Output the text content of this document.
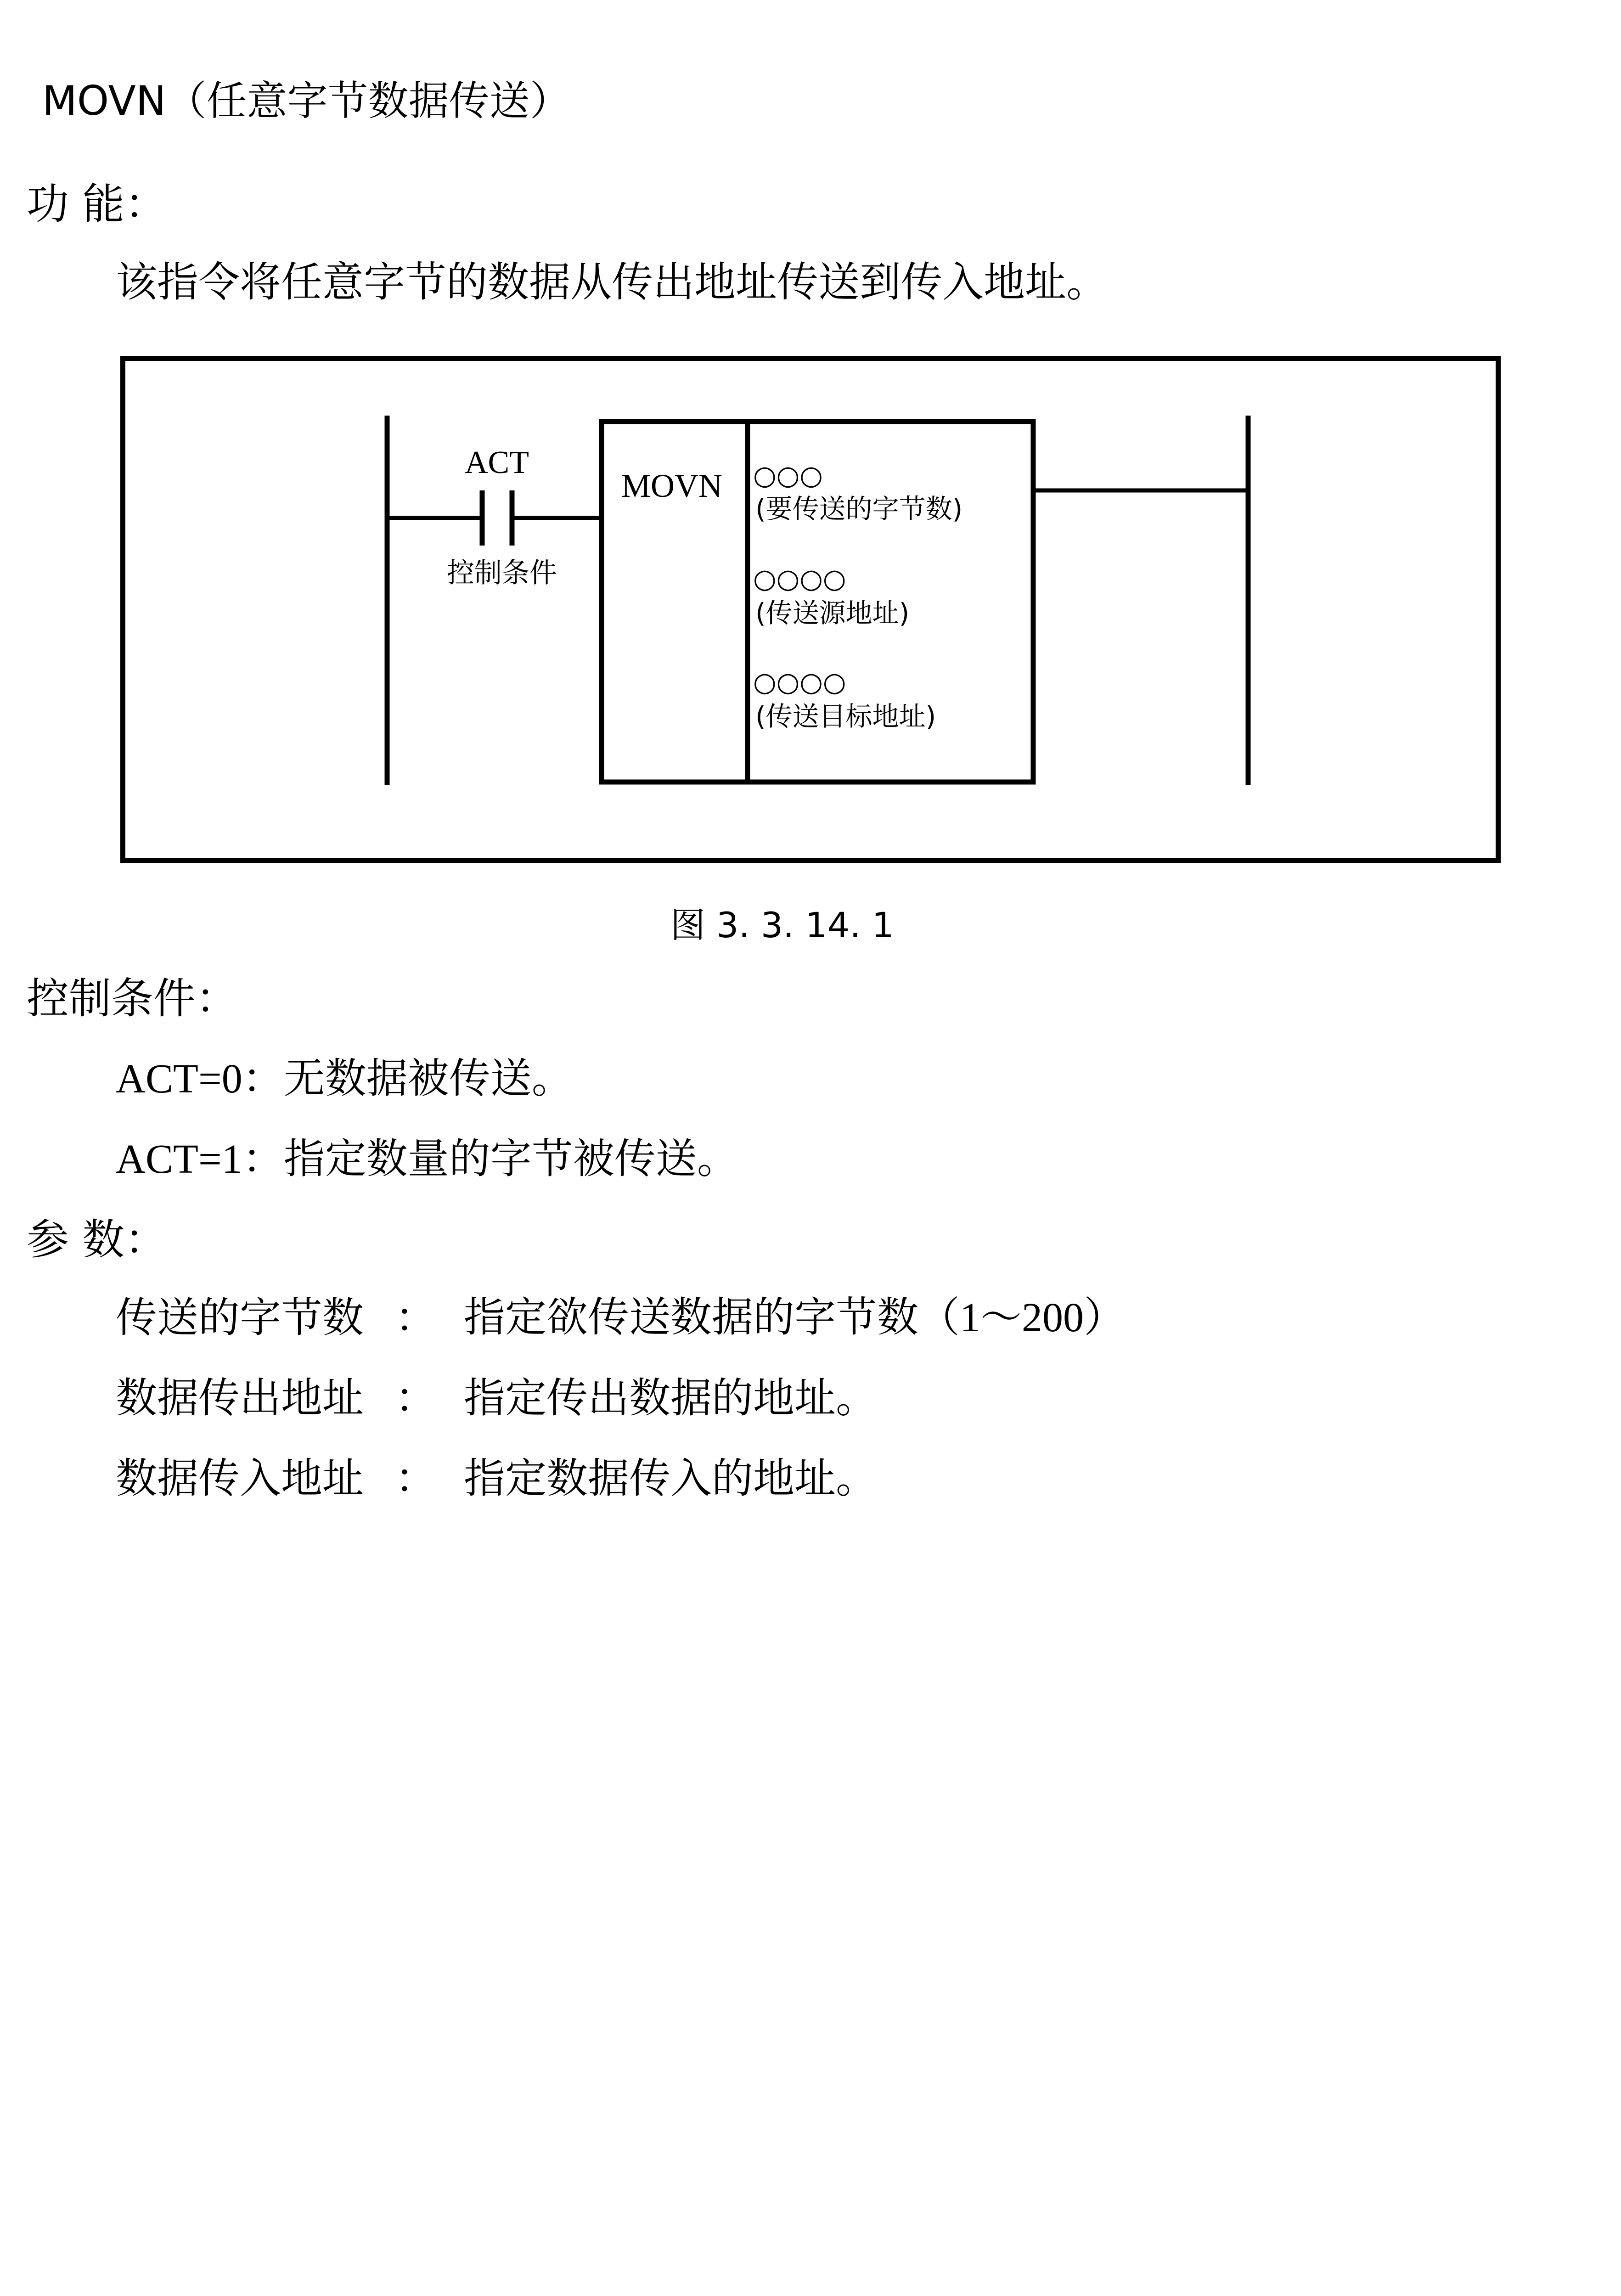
MOVN（任意字节数据传送）
功 能：
该指令将任意字节的数据从传出地址传送到传入地址。
ACT
控制条件
MOVN ○○○
(要传送的字节数)
○○○○
(传送源地址)
○○○○
(传送目标地址)
图 3. 3. 14. 1
控制条件：
ACT=0：无数据被传送。
ACT=1：指定数量的字节被传送。
参 数：
传送的字节数 ： 指定欲传送数据的字节数（1～200）
数据传出地址 ： 指定传出数据的地址。
数据传入地址 ： 指定数据传入的地址。
